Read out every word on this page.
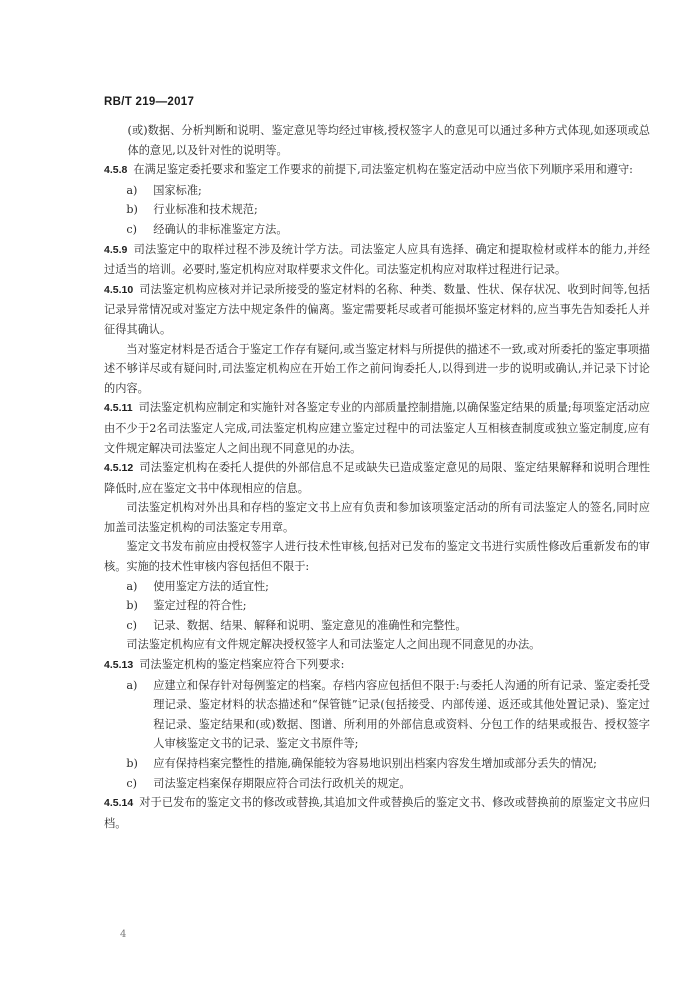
RB/T 219—2017

(或)数据、分析判断和说明、鉴定意见等均经过审核,授权签字人的意见可以通过多种方式体现,如逐项或总体的意见,以及针对性的说明等。

4.5.8 在满足鉴定委托要求和鉴定工作要求的前提下,司法鉴定机构在鉴定活动中应当依下列顺序采用和遵守:

a)	国家标准;
b)	行业标准和技术规范;
c)	经确认的非标准鉴定方法。

4.5.9 司法鉴定中的取样过程不涉及统计学方法。司法鉴定人应具有选择、确定和提取检材或样本的能力,并经过适当的培训。必要时,鉴定机构应对取样要求文件化。司法鉴定机构应对取样过程进行记录。

4.5.10 司法鉴定机构应核对并记录所接受的鉴定材料的名称、种类、数量、性状、保存状况、收到时间等,包括记录异常情况或对鉴定方法中规定条件的偏离。鉴定需要耗尽或者可能损坏鉴定材料的,应当事先告知委托人并征得其确认。

当对鉴定材料是否适合于鉴定工作存有疑问,或当鉴定材料与所提供的描述不一致,或对所委托的鉴定事项描述不够详尽或有疑问时,司法鉴定机构应在开始工作之前问询委托人,以得到进一步的说明或确认,并记录下讨论的内容。

4.5.11 司法鉴定机构应制定和实施针对各鉴定专业的内部质量控制措施,以确保鉴定结果的质量;每项鉴定活动应由不少于2名司法鉴定人完成,司法鉴定机构应建立鉴定过程中的司法鉴定人互相核查制度或独立鉴定制度,应有文件规定解决司法鉴定人之间出现不同意见的办法。

4.5.12 司法鉴定机构在委托人提供的外部信息不足或缺失已造成鉴定意见的局限、鉴定结果解释和说明合理性降低时,应在鉴定文书中体现相应的信息。

司法鉴定机构对外出具和存档的鉴定文书上应有负责和参加该项鉴定活动的所有司法鉴定人的签名,同时应加盖司法鉴定机构的司法鉴定专用章。

鉴定文书发布前应由授权签字人进行技术性审核,包括对已发布的鉴定文书进行实质性修改后重新发布的审核。实施的技术性审核内容包括但不限于:

a)	使用鉴定方法的适宜性;
b)	鉴定过程的符合性;
c)	记录、数据、结果、解释和说明、鉴定意见的准确性和完整性。

司法鉴定机构应有文件规定解决授权签字人和司法鉴定人之间出现不同意见的办法。

4.5.13 司法鉴定机构的鉴定档案应符合下列要求:

a)	应建立和保存针对每例鉴定的档案。存档内容应包括但不限于:与委托人沟通的所有记录、鉴定委托受理记录、鉴定材料的状态描述和“保管链”记录(包括接受、内部传递、返还或其他处置记录)、鉴定过程记录、鉴定结果和(或)数据、图谱、所利用的外部信息或资料、分包工作的结果或报告、授权签字人审核鉴定文书的记录、鉴定文书原件等;
b)	应有保持档案完整性的措施,确保能较为容易地识别出档案内容发生增加或部分丢失的情况;
c)	司法鉴定档案保存期限应符合司法行政机关的规定。

4.5.14 对于已发布的鉴定文书的修改或替换,其追加文件或替换后的鉴定文书、修改或替换前的原鉴定文书应归档。

4
